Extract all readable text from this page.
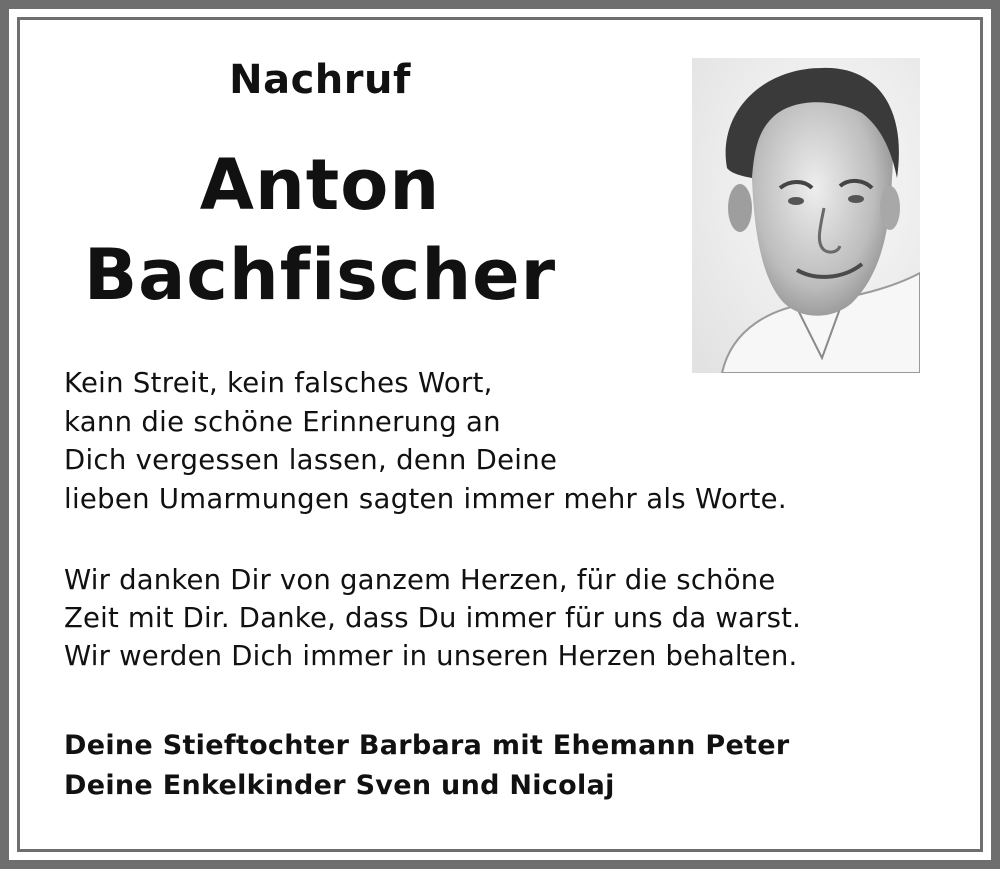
Nachruf
Anton
Bachfischer
Kein Streit, kein falsches Wort,
kann die schöne Erinnerung an
Dich vergessen lassen, denn Deine
lieben Umarmungen sagten immer mehr als Worte.
Wir danken Dir von ganzem Herzen, für die schöne
Zeit mit Dir. Danke, dass Du immer für uns da warst.
Wir werden Dich immer in unseren Herzen behalten.
Deine Stieftochter Barbara mit Ehemann Peter
Deine Enkelkinder Sven und Nicolaj
